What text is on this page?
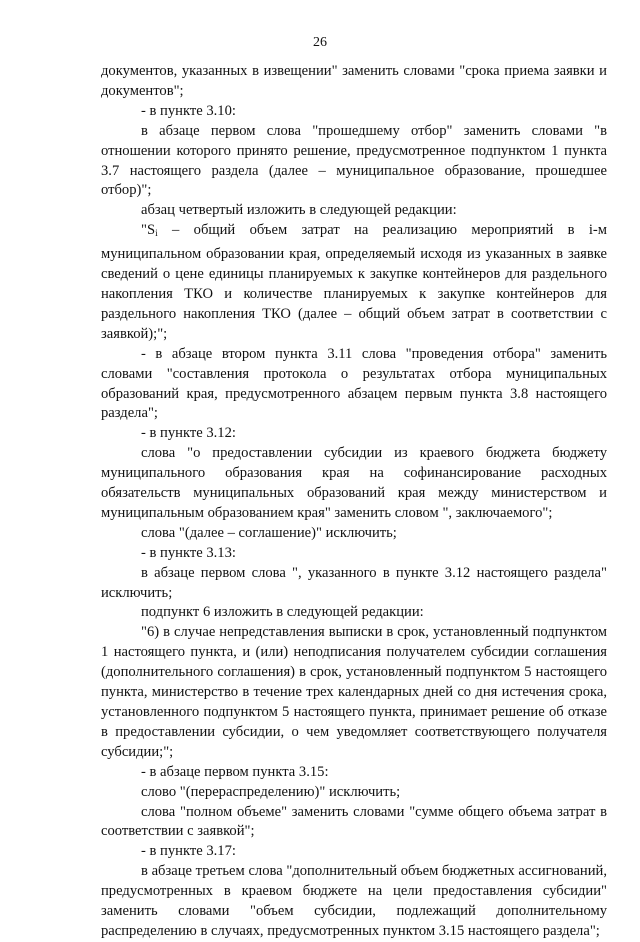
26

документов, указанных в извещении" заменить словами "срока приема заявки и документов";

- в пункте 3.10:

в абзаце первом слова "прошедшему отбор" заменить словами "в отношении которого принято решение, предусмотренное подпунктом 1 пункта 3.7 настоящего раздела (далее – муниципальное образование, прошедшее отбор)";

абзац четвертый изложить в следующей редакции:

"$S_i$ – общий объем затрат на реализацию мероприятий в i-м муниципальном образовании края, определяемый исходя из указанных в заявке сведений о цене единицы планируемых к закупке контейнеров для раздельного накопления ТКО и количестве планируемых к закупке контейнеров для раздельного накопления ТКО (далее – общий объем затрат в соответствии с заявкой);";

- в абзаце втором пункта 3.11 слова "проведения отбора" заменить словами "составления протокола о результатах отбора муниципальных образований края, предусмотренного абзацем первым пункта 3.8 настоящего раздела";

- в пункте 3.12:

слова "о предоставлении субсидии из краевого бюджета бюджету муниципального образования края на софинансирование расходных обязательств муниципальных образований края между министерством и муниципальным образованием края" заменить словом ", заключаемого";

слова "(далее – соглашение)" исключить;

- в пункте 3.13:

в абзаце первом слова ", указанного в пункте 3.12 настоящего раздела" исключить;

подпункт 6 изложить в следующей редакции:

"6) в случае непредставления выписки в срок, установленный подпунктом 1 настоящего пункта, и (или) неподписания получателем субсидии соглашения (дополнительного соглашения) в срок, установленный подпунктом 5 настоящего пункта, министерство в течение трех календарных дней со дня истечения срока, установленного подпунктом 5 настоящего пункта, принимает решение об отказе в предоставлении субсидии, о чем уведомляет соответствующего получателя субсидии;";

- в абзаце первом пункта 3.15:

слово "(перераспределению)" исключить;

слова "полном объеме" заменить словами "сумме общего объема затрат в соответствии с заявкой";

- в пункте 3.17:

в абзаце третьем слова "дополнительный объем бюджетных ассигнований, предусмотренных в краевом бюджете на цели предоставления субсидии" заменить словами "объем субсидии, подлежащий дополнительному распределению в случаях, предусмотренных пунктом 3.15 настоящего раздела";
